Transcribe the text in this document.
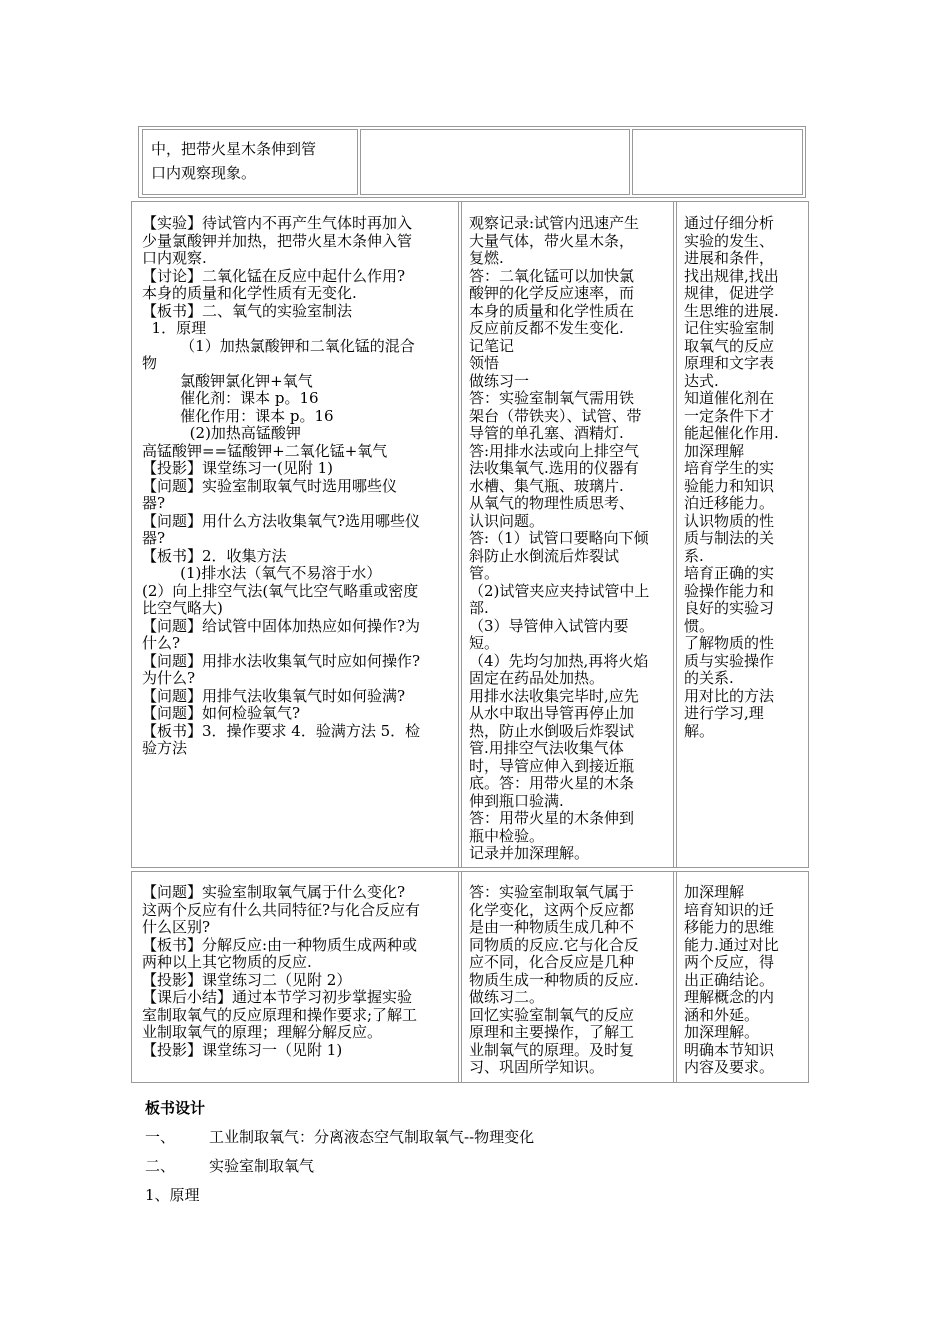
中，把带火星木条伸到管

口内观察现象。

【实验】待试管内不再产生气体时再加入

少量氯酸钾并加热，把带火星木条伸入管

口内观察.

【讨论】二氧化锰在反应中起什么作用?

本身的质量和化学性质有无变化.

【板书】二、氧气的实验室制法

1．原理

（1）加热氯酸钾和二氧化锰的混合

物

氯酸钾氯化钾+氧气

催化剂：课本 p。16

催化作用：课本 p。16

(2)加热高锰酸钾

高锰酸钾==锰酸钾+二氧化锰+氧气

【投影】课堂练习一(见附 1)

【问题】实验室制取氧气时选用哪些仪

器?

【问题】用什么方法收集氧气?选用哪些仪

器?

【板书】2．收集方法

(1)排水法（氧气不易溶于水）

(2）向上排空气法(氧气比空气略重或密度

比空气略大)

【问题】给试管中固体加热应如何操作?为

什么?

【问题】用排水法收集氧气时应如何操作?

为什么?

【问题】用排气法收集氧气时如何验满?

【问题】如何检验氧气?

【板书】3．操作要求 4．验满方法 5．检

验方法

观察记录:试管内迅速产生

大量气体，带火星木条，

复燃.

答：二氧化锰可以加快氯

酸钾的化学反应速率，而

本身的质量和化学性质在

反应前反都不发生变化.

记笔记

领悟

做练习一

答：实验室制氧气需用铁

架台（带铁夹）、试管、带

导管的单孔塞、酒精灯.

答:用排水法或向上排空气

法收集氧气.选用的仪器有

水槽、集气瓶、玻璃片.

从氧气的物理性质思考、

认识问题。

答:（1）试管口要略向下倾

斜防止水倒流后炸裂试

管。

（2)试管夹应夹持试管中上

部.

（3）导管伸入试管内要

短。

（4）先均匀加热,再将火焰

固定在药品处加热。

用排水法收集完毕时,应先

从水中取出导管再停止加

热，防止水倒吸后炸裂试

管.用排空气法收集气体

时，导管应伸入到接近瓶

底。答：用带火星的木条

伸到瓶口验满.

答：用带火星的木条伸到

瓶中检验。

记录并加深理解。

通过仔细分析

实验的发生、

进展和条件，

找出规律,找出

规律，促进学

生思维的进展.

记住实验室制

取氧气的反应

原理和文字表

达式.

知道催化剂在

一定条件下才

能起催化作用.

加深理解

培育学生的实

验能力和知识

泊迁移能力。

认识物质的性

质与制法的关

系.

培育正确的实

验操作能力和

良好的实验习

惯。

了解物质的性

质与实验操作

的关系.

用对比的方法

进行学习,理

解。

【问题】实验室制取氧气属于什么变化?

这两个反应有什么共同特征?与化合反应有

什么区别?

【板书】分解反应:由一种物质生成两种或

两种以上其它物质的反应.

【投影】课堂练习二（见附 2）

【课后小结】通过本节学习初步掌握实验

室制取氧气的反应原理和操作要求;了解工

业制取氧气的原理；理解分解反应。

【投影】课堂练习一（见附 1)

答：实验室制取氧气属于

化学变化，这两个反应都

是由一种物质生成几种不

同物质的反应.它与化合反

应不同，化合反应是几种

物质生成一种物质的反应.

做练习二。

回忆实验室制氧气的反应

原理和主要操作，了解工

业制氧气的原理。及时复

习、巩固所学知识。

加深理解

培育知识的迁

移能力的思维

能力.通过对比

两个反应，得

出正确结论。

理解概念的内

涵和外延。

加深理解。

明确本节知识

内容及要求。

板书设计

一、 工业制取氧气：分离液态空气制取氧气--物理变化

二、 实验室制取氧气

1、原理
